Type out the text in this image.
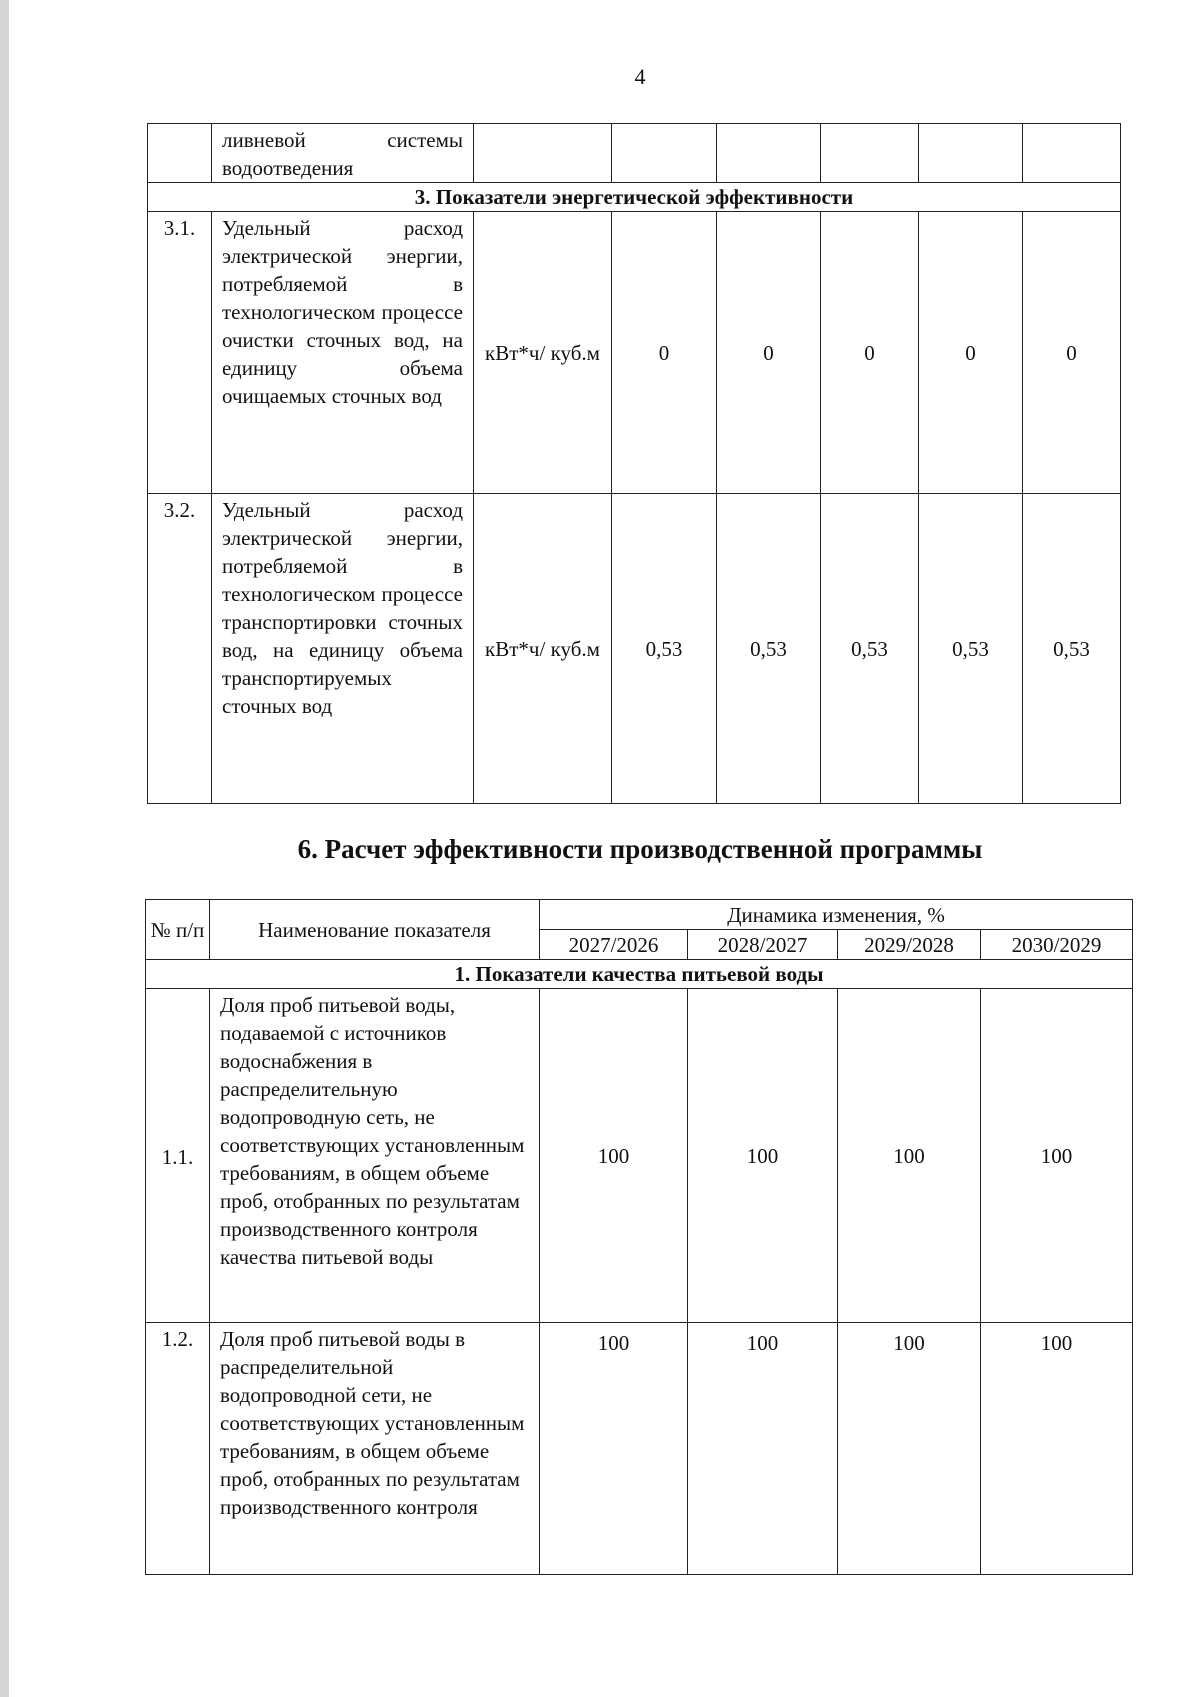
4
	ливневой системы водоотведения						
3. Показатели энергетической эффективности							
3.1.	Удельный расход электрической энергии, потребляемой в технологическом процессе очистки сточных вод, на единицу объема очищаемых сточных вод	кВт*ч/ куб.м	0	0	0	0	0
3.2.	Удельный расход электрической энергии, потребляемой в технологическом процессе транспортировки сточных вод, на единицу объема транспортируемых сточных вод	кВт*ч/ куб.м	0,53	0,53	0,53	0,53	0,53
6. Расчет эффективности производственной программы
№ п/п	Наименование показателя	Динамика изменения, %			
		2027/2026	2028/2027	2029/2028	2030/2029
1. Показатели качества питьевой воды					
1.1.	Доля проб питьевой воды, подаваемой с источников водоснабжения в распределительную водопроводную сеть, не соответствующих установленным требованиям, в общем объеме проб, отобранных по результатам производственного контроля качества питьевой воды	100	100	100	100
1.2.	Доля проб питьевой воды в распределительной водопроводной сети, не соответствующих установленным требованиям, в общем объеме проб, отобранных по результатам производственного контроля	100	100	100	100
